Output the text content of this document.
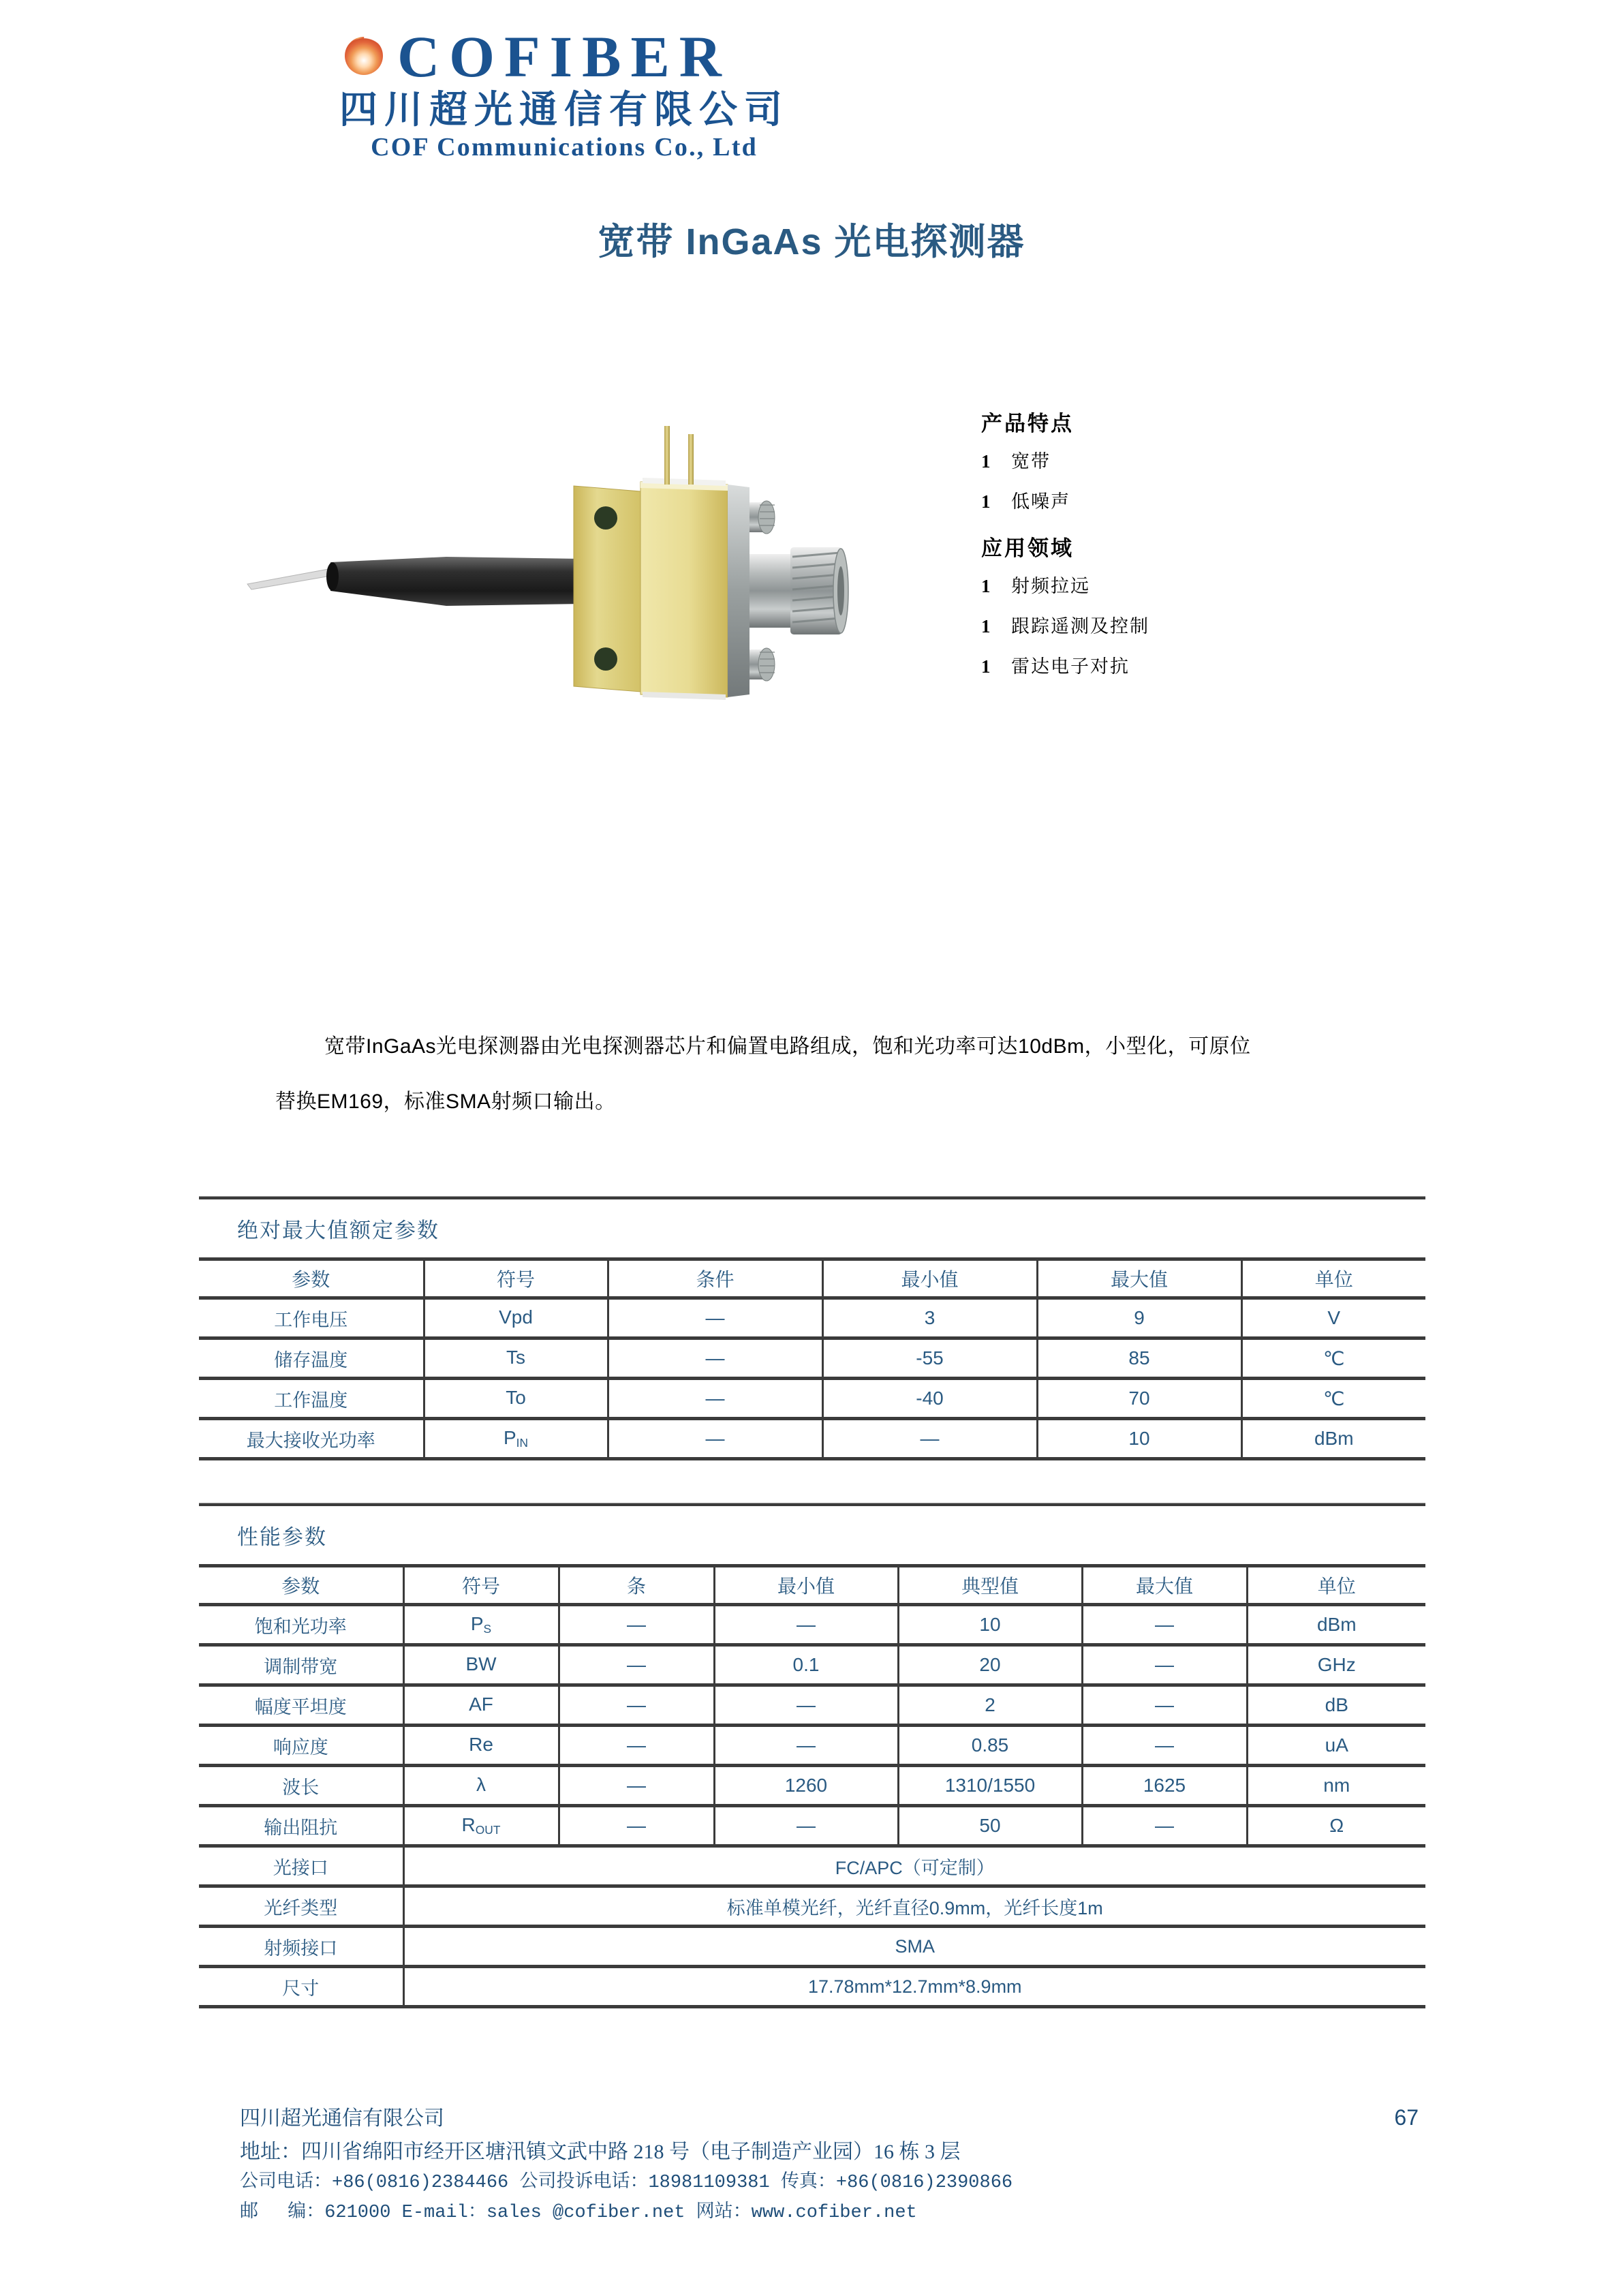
COFIBER
四川超光通信有限公司
COF Communications Co., Ltd
宽带 InGaAs 光电探测器
产品特点
1	宽带
1	低噪声
应用领域
1	射频拉远
1	跟踪遥测及控制
1	雷达电子对抗

宽带InGaAs光电探测器由光电探测器芯片和偏置电路组成，饱和光功率可达10dBm，小型化，可原位

替换EM169，标准SMA射频口输出。

绝对最大值额定参数
参数	符号	条件	最小值	最大值	单位
工作电压	Vpd	—	3	9	V
储存温度	Ts	—	-55	85	℃
工作温度	To	—	-40	70	℃
最大接收光功率	$P_{IN}$	—	—	10	dBm
性能参数
参数	符号	条	最小值	典型值	最大值	单位
饱和光功率	$P_S$	—	—	10	—	dBm
调制带宽	BW	—	0.1	20	—	GHz
幅度平坦度	AF	—	—	2	—	dB
响应度	Re	—	—	0.85	—	uA
波长	λ	—	1260	1310/1550	1625	nm
输出阻抗	$R_{OUT}$	—	—	50	—	Ω
光接口	FC/APC（可定制）					
光纤类型	标准单模光纤，光纤直径0.9mm，光纤长度1m					
射频接口	SMA					
尺寸	17.78mm*12.7mm*8.9mm					
四川超光通信有限公司	67
地址：四川省绵阳市经开区塘汛镇文武中路 218 号（电子制造产业园）16 栋 3 层
公司电话：+86(0816)2384466 公司投诉电话：18981109381 传真：+86(0816)2390866
邮　 编：621000 E-mail：sales @cofiber.net 网站：www.cofiber.net
